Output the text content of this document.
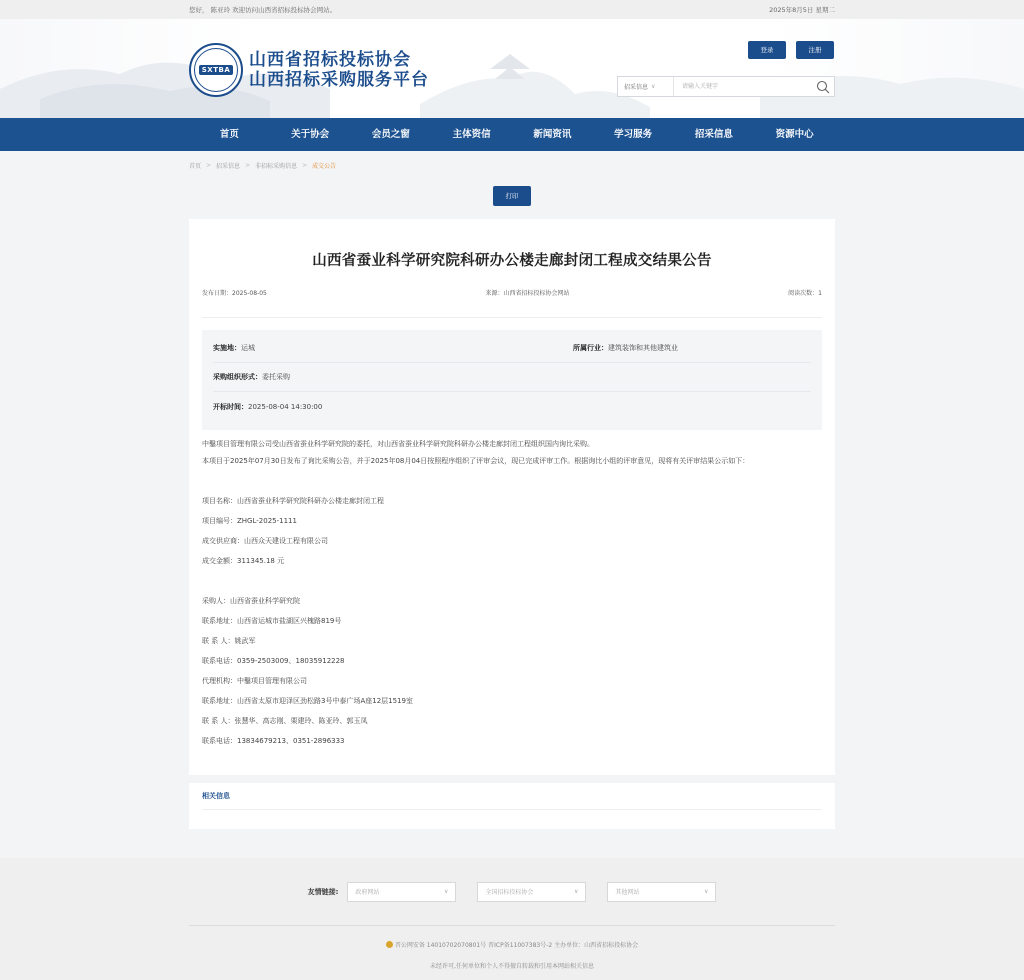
您好， 陈亚玲 欢迎访问山西省招标投标协会网站。	2025年8月5日 星期二
SXTBA 山西省招标投标协会
山西招标采购服务平台
登录	注册
招采信息 ∨
请输入关键字
首页	关于协会	会员之窗	主体资信	新闻资讯	学习服务	招采信息	资源中心
首页 > 招采信息 > 非招标采购信息 > 成交公告
打印
山西省蚕业科学研究院科研办公楼走廊封闭工程成交结果公告
发布日期：2025-08-05	来源：山西省招标投标协会网站	阅读次数：1
实施地： 运城	所属行业： 建筑装饰和其他建筑业
采购组织形式： 委托采购
开标时间： 2025-08-04 14:30:00

中鑿项目管理有限公司受山西省蚕业科学研究院的委托，对山西省蚕业科学研究院科研办公楼走廊封闭工程组织国内询比采购。

本项目于2025年07月30日发布了询比采购公告，并于2025年08月04日按照程序组织了评审会议，现已完成评审工作。根据询比小组的评审意见，现将有关评审结果公示如下：

项目名称：山西省蚕业科学研究院科研办公楼走廊封闭工程
项目编号：ZHGL-2025-1111
成交供应商：山西众天建设工程有限公司
成交金额：311345.18 元
采购人：山西省蚕业科学研究院
联系地址：山西省运城市盐湖区兴槐路819号
联 系 人：姚武军
联系电话：0359-2503009、18035912228
代理机构：中鑿项目管理有限公司
联系地址：山西省太原市迎泽区劲松路3号中泰广场A座12层1519室
联 系 人：张慧华、高志刚、栗建玲、陈亚玲、郭玉凤
联系电话：13834679213、0351-2896333
相关信息
友情链接:	政府网站	∨	全国招标投标协会	∨	其他网站	∨
晋公网安备 14010702070801号 晋ICP备11007383号-2 主办单位：山西省招标投标协会
未经许可,任何单位和个人不得擅自转载和引用本网站相关信息
